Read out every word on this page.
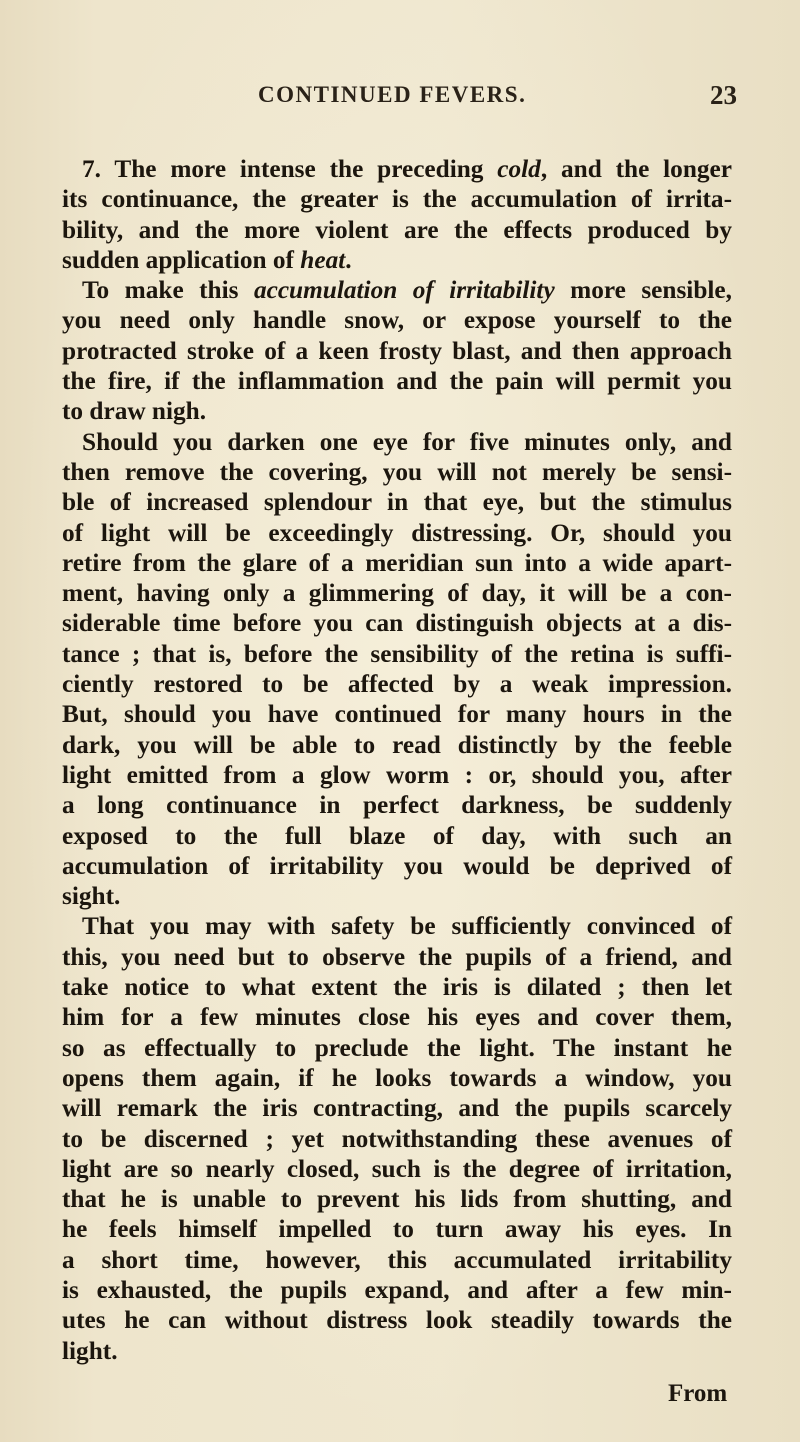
CONTINUED FEVERS.	23
7. The more intense the preceding cold, and the longer
its continuance, the greater is the accumulation of irrita-
bility, and the more violent are the effects produced by
sudden application of heat.
To make this accumulation of irritability more sensible,
you need only handle snow, or expose yourself to the
protracted stroke of a keen frosty blast, and then approach
the fire, if the inflammation and the pain will permit you
to draw nigh.
Should you darken one eye for five minutes only, and
then remove the covering, you will not merely be sensi-
ble of increased splendour in that eye, but the stimulus
of light will be exceedingly distressing. Or, should you
retire from the glare of a meridian sun into a wide apart-
ment, having only a glimmering of day, it will be a con-
siderable time before you can distinguish objects at a dis-
tance ; that is, before the sensibility of the retina is suffi-
ciently restored to be affected by a weak impression.
But, should you have continued for many hours in the
dark, you will be able to read distinctly by the feeble
light emitted from a glow worm : or, should you, after
a long continuance in perfect darkness, be suddenly
exposed to the full blaze of day, with such an
accumulation of irritability you would be deprived of
sight.
That you may with safety be sufficiently convinced of
this, you need but to observe the pupils of a friend, and
take notice to what extent the iris is dilated ; then let
him for a few minutes close his eyes and cover them,
so as effectually to preclude the light. The instant he
opens them again, if he looks towards a window, you
will remark the iris contracting, and the pupils scarcely
to be discerned ; yet notwithstanding these avenues of
light are so nearly closed, such is the degree of irritation,
that he is unable to prevent his lids from shutting, and
he feels himself impelled to turn away his eyes. In
a short time, however, this accumulated irritability
is exhausted, the pupils expand, and after a few min-
utes he can without distress look steadily towards the
light.
From
